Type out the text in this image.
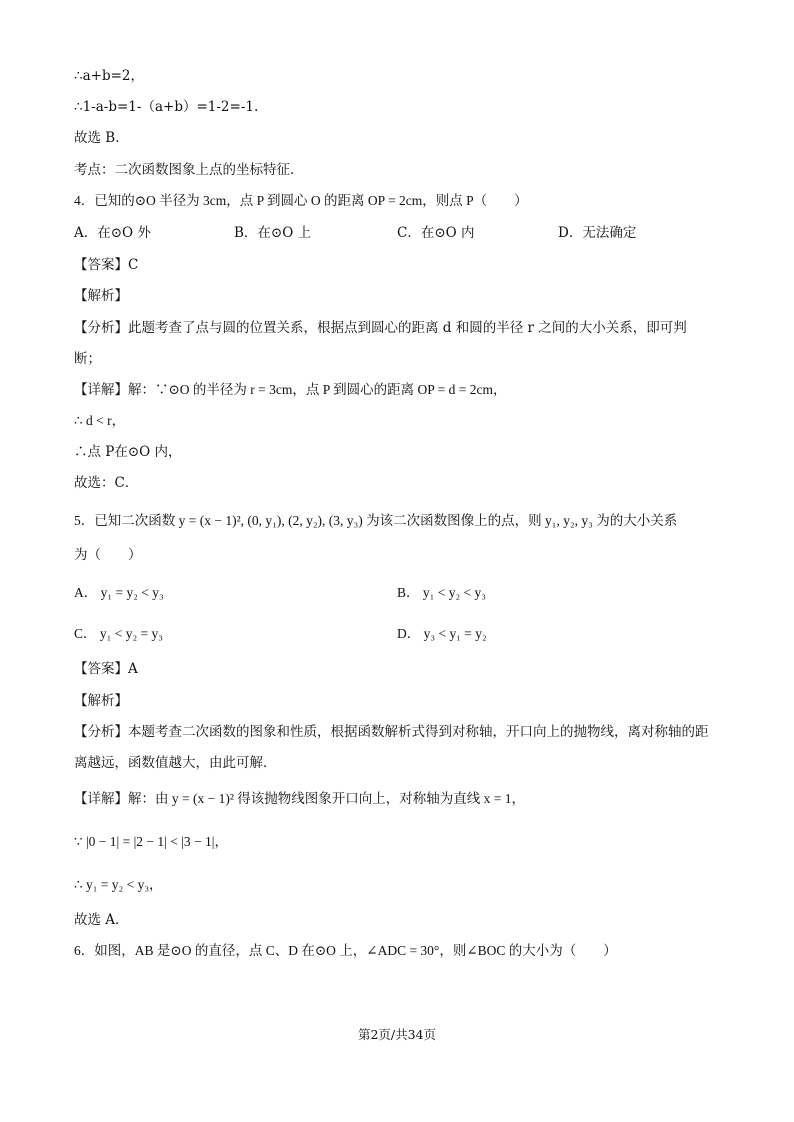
∴a+b=2，
∴1-a-b=1-（a+b）=1-2=-1.
故选 B．
考点：二次函数图象上点的坐标特征．
4．已知的⊙O 半径为 3cm，点 P 到圆心 O 的距离 OP = 2cm，则点 P（　　）
A．在⊙O 外	B．在⊙O 上	C．在⊙O 内	D．无法确定
【答案】C
【解析】
【分析】此题考查了点与圆的位置关系，根据点到圆心的距离 d 和圆的半径 r 之间的大小关系，即可判
断；
【详解】解：∵⊙O 的半径为 r = 3cm，点 P 到圆心的距离 OP = d = 2cm，
∴ d < r，
∴点 P在⊙O 内，
故选：C．
5．已知二次函数 y = (x − 1)², (0, y₁), (2, y₂), (3, y₃) 为该二次函数图像上的点，则 y₁, y₂, y₃ 为的大小关系
为（　　）
A． y₁ = y₂ < y₃	B． y₁ < y₂ < y₃
C． y₁ < y₂ = y₃	D． y₃ < y₁ = y₂
【答案】A
【解析】
【分析】本题考查二次函数的图象和性质，根据函数解析式得到对称轴，开口向上的抛物线，离对称轴的距
离越远，函数值越大，由此可解．
【详解】解：由 y = (x − 1)² 得该抛物线图象开口向上，对称轴为直线 x = 1，
∵ |0 − 1| = |2 − 1| < |3 − 1|，
∴ y₁ = y₂ < y₃，
故选 A．
6．如图，AB 是⊙O 的直径，点 C、D 在⊙O 上，∠ADC = 30°，则∠BOC 的大小为（　　）
第2页/共34页
